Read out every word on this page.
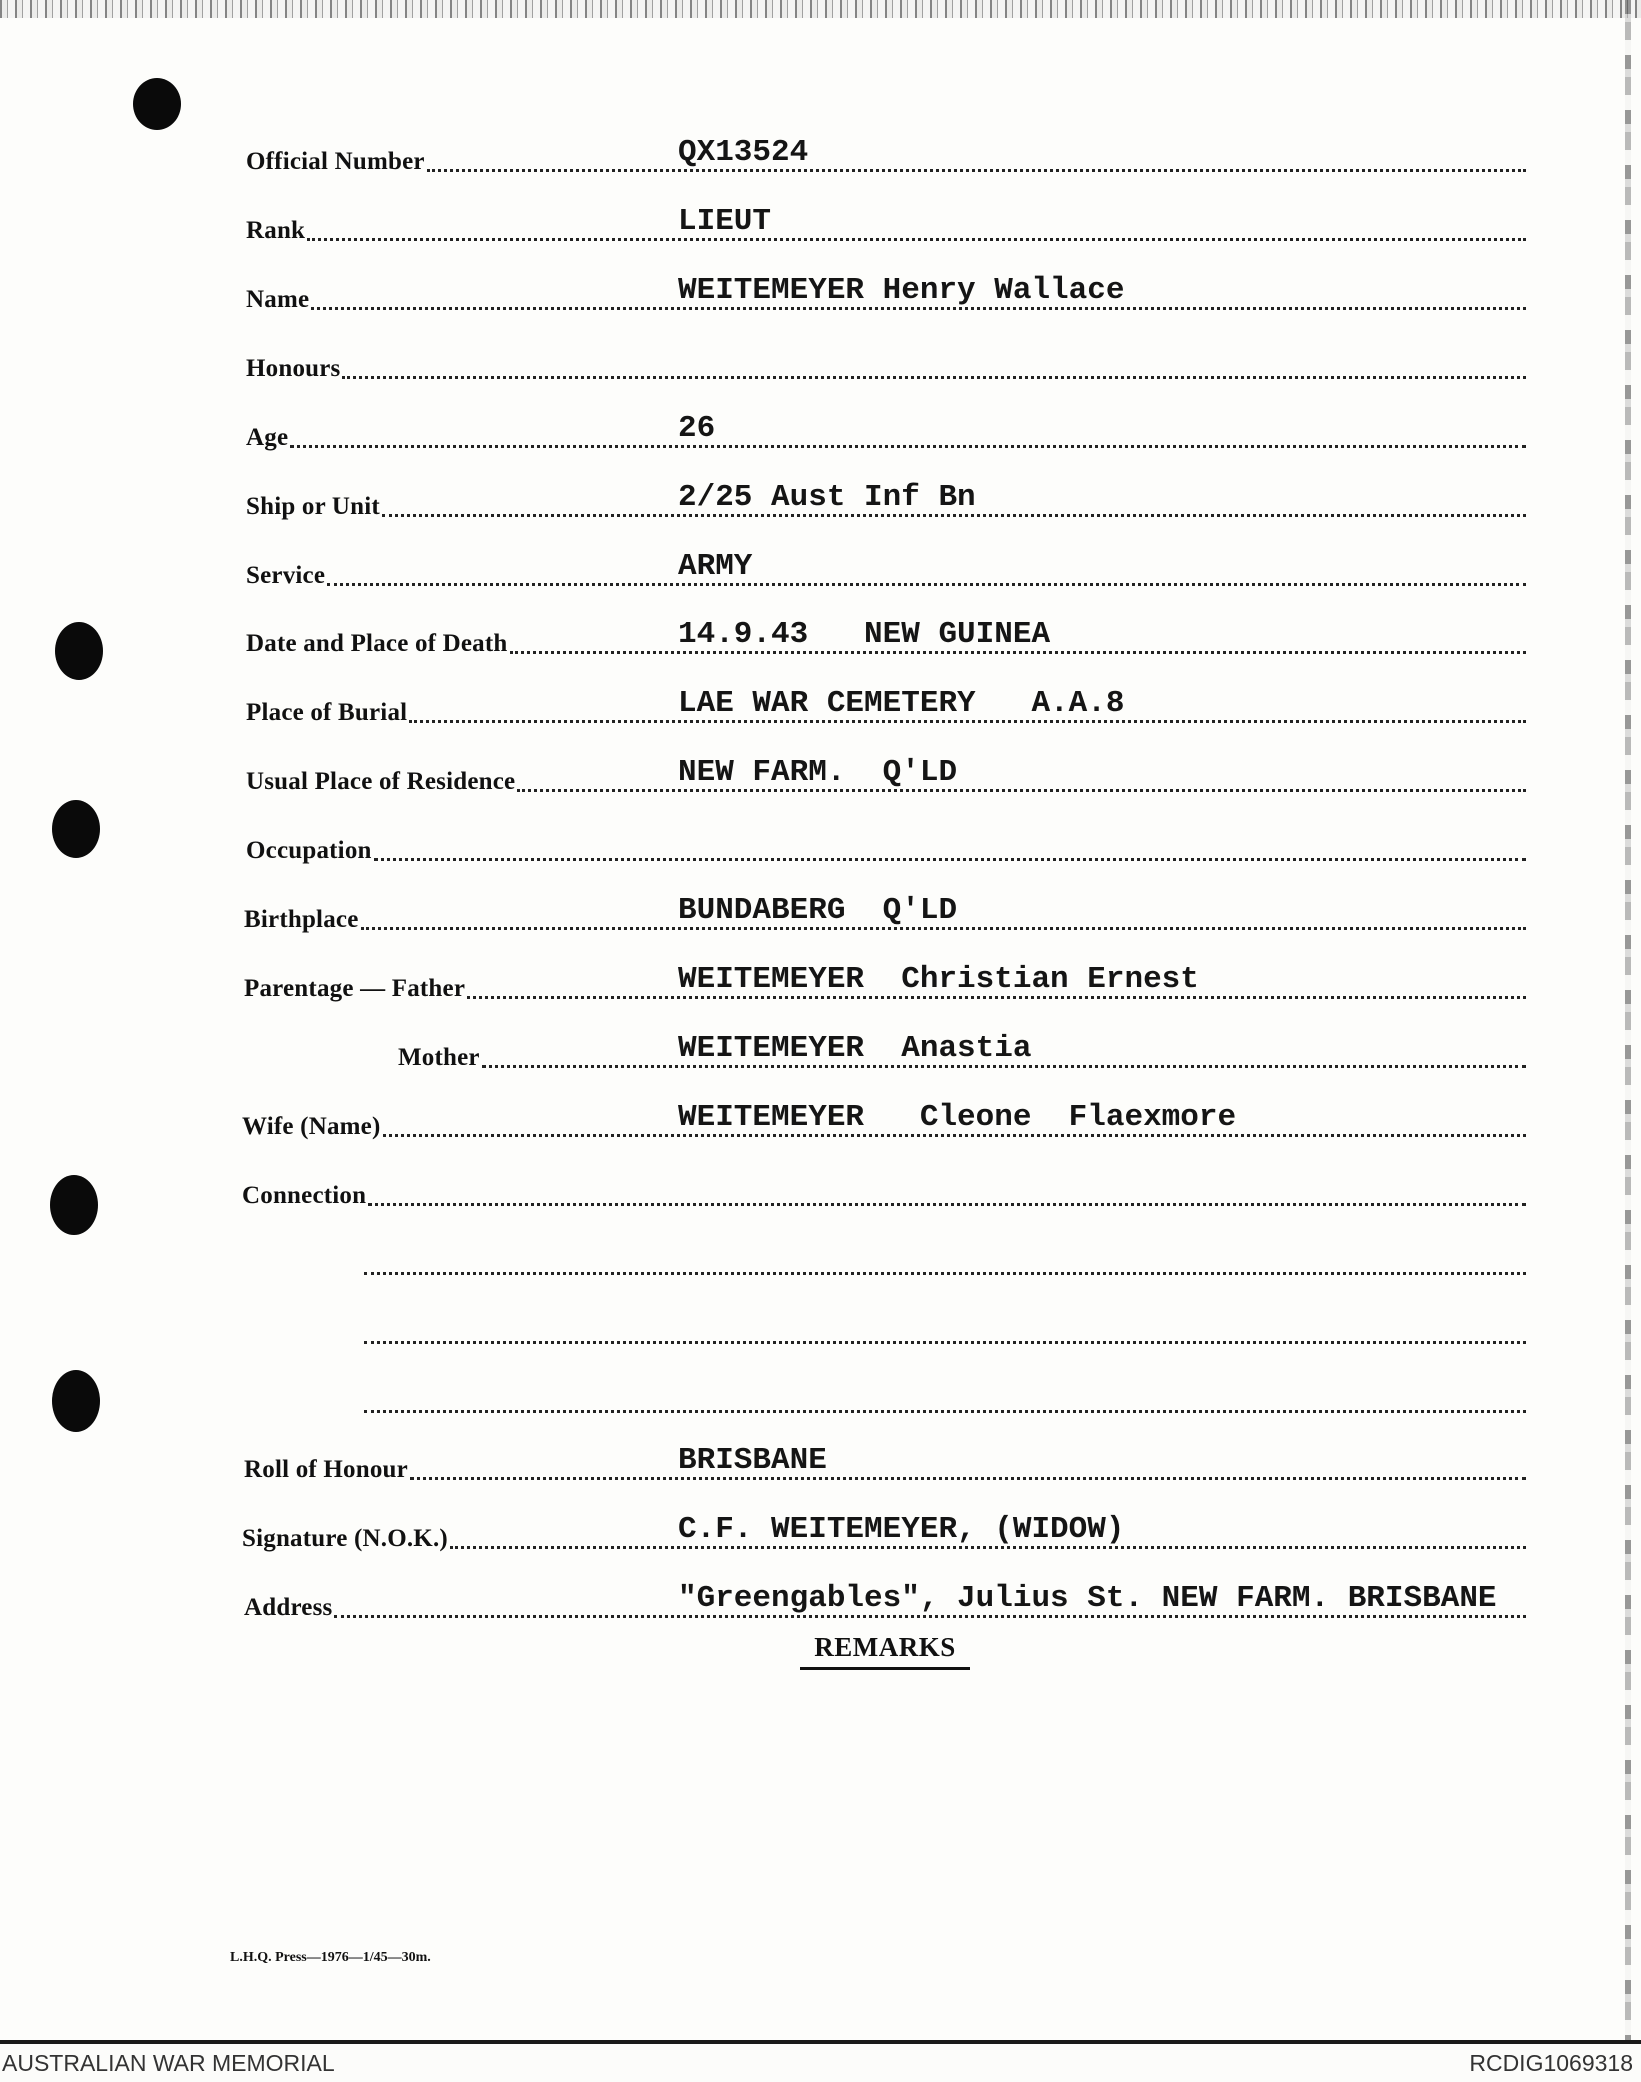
Official Number	QX13524
Rank	LIEUT
Name	WEITEMEYER Henry Wallace
Honours
Age	26
Ship or Unit	2/25 Aust Inf Bn
Service	ARMY
Date and Place of Death	14.9.43   NEW GUINEA
Place of Burial	LAE WAR CEMETERY   A.A.8
Usual Place of Residence	NEW FARM.  Q'LD
Occupation
Birthplace	BUNDABERG  Q'LD
Parentage — Father	WEITEMEYER  Christian Ernest
Mother	WEITEMEYER  Anastia
Wife (Name)	WEITEMEYER   Cleone  Flaexmore
Connection
Roll of Honour	BRISBANE
Signature (N.O.K.)	C.F. WEITEMEYER, (WIDOW)
Address	"Greengables", Julius St. NEW FARM. BRISBANE
REMARKS
L.H.Q. Press—1976—1/45—30m.
AUSTRALIAN WAR MEMORIAL	RCDIG1069318
